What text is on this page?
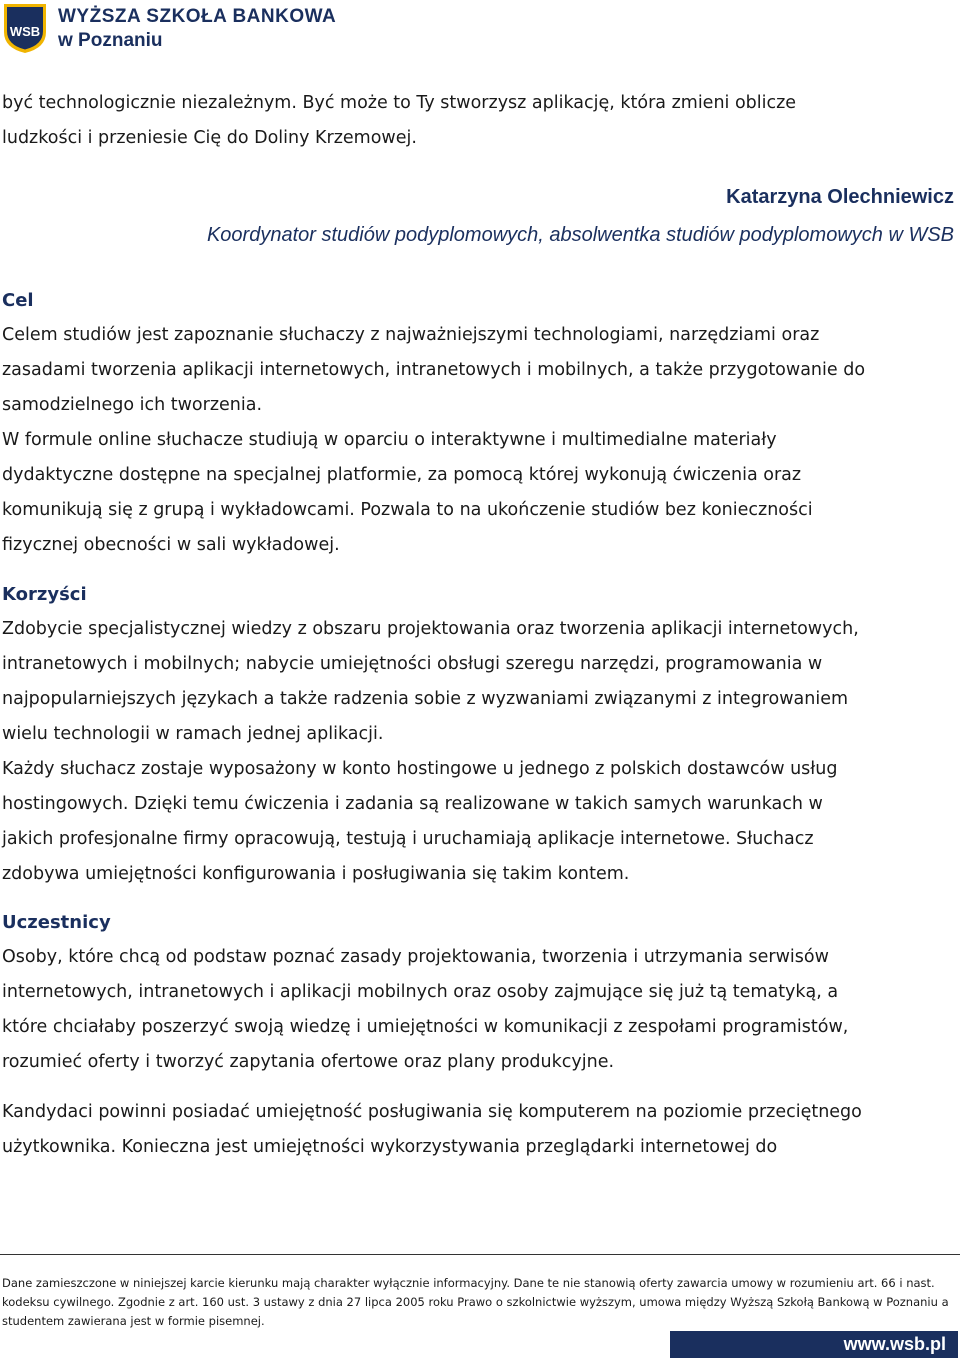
WSB
WYŻSZA SZKOŁA BANKOWA
w Poznaniu
być technologicznie niezależnym. Być może to Ty stworzysz aplikację, która zmieni oblicze
ludzkości i przeniesie Cię do Doliny Krzemowej.
Katarzyna Olechniewicz
Koordynator studiów podyplomowych, absolwentka studiów podyplomowych w WSB
Cel
Celem studiów jest zapoznanie słuchaczy z najważniejszymi technologiami, narzędziami oraz
zasadami tworzenia aplikacji internetowych, intranetowych i mobilnych, a także przygotowanie do
samodzielnego ich tworzenia.
W formule online słuchacze studiują w oparciu o interaktywne i multimedialne materiały
dydaktyczne dostępne na specjalnej platformie, za pomocą której wykonują ćwiczenia oraz
komunikują się z grupą i wykładowcami. Pozwala to na ukończenie studiów bez konieczności
fizycznej obecności w sali wykładowej.
Korzyści
Zdobycie specjalistycznej wiedzy z obszaru projektowania oraz tworzenia aplikacji internetowych,
intranetowych i mobilnych; nabycie umiejętności obsługi szeregu narzędzi, programowania w
najpopularniejszych językach a także radzenia sobie z wyzwaniami związanymi z integrowaniem
wielu technologii w ramach jednej aplikacji.
Każdy słuchacz zostaje wyposażony w konto hostingowe u jednego z polskich dostawców usług
hostingowych. Dzięki temu ćwiczenia i zadania są realizowane w takich samych warunkach w
jakich profesjonalne firmy opracowują, testują i uruchamiają aplikacje internetowe. Słuchacz
zdobywa umiejętności konfigurowania i posługiwania się takim kontem.
Uczestnicy
Osoby, które chcą od podstaw poznać zasady projektowania, tworzenia i utrzymania serwisów
internetowych, intranetowych i aplikacji mobilnych oraz osoby zajmujące się już tą tematyką, a
które chciałaby poszerzyć swoją wiedzę i umiejętności w komunikacji z zespołami programistów,
rozumieć oferty i tworzyć zapytania ofertowe oraz plany produkcyjne.
Kandydaci powinni posiadać umiejętność posługiwania się komputerem na poziomie przeciętnego
użytkownika. Konieczna jest umiejętności wykorzystywania przeglądarki internetowej do
Dane zamieszczone w niniejszej karcie kierunku mają charakter wyłącznie informacyjny. Dane te nie stanowią oferty zawarcia umowy w rozumieniu art. 66 i nast.
kodeksu cywilnego. Zgodnie z art. 160 ust. 3 ustawy z dnia 27 lipca 2005 roku Prawo o szkolnictwie wyższym, umowa między Wyższą Szkołą Bankową w Poznaniu a
studentem zawierana jest w formie pisemnej.
www.wsb.pl
